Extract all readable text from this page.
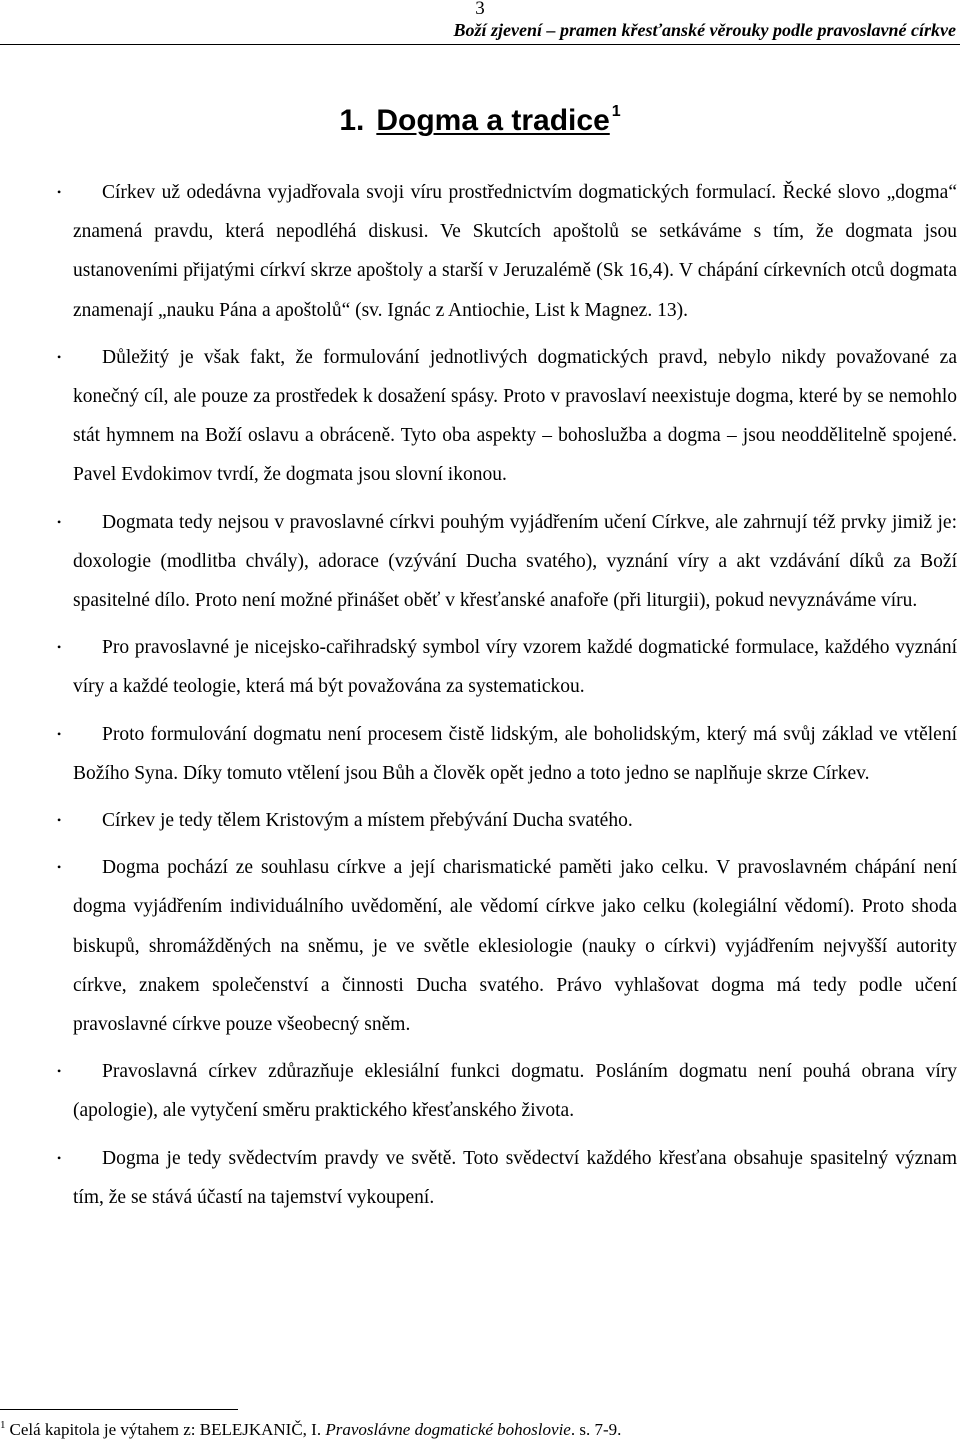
3
Boží zjevení – pramen křesťanské věrouky podle pravoslavné církve
1. Dogma a tradice $^1$
• Církev už odedávna vyjadřovala svoji víru prostřednictvím dogmatických formulací. Řecké slovo „dogma“ znamená pravdu, která nepodléhá diskusi. Ve Skutcích apoštolů se setkáváme s tím, že dogmata jsou ustanoveními přijatými církví skrze apoštoly a starší v Jeruzalémě (Sk 16,4). V chápání církevních otců dogmata znamenají „nauku Pána a apoštolů“ (sv. Ignác z Antiochie, List k Magnez. 13).
• Důležitý je však fakt, že formulování jednotlivých dogmatických pravd, nebylo nikdy považované za konečný cíl, ale pouze za prostředek k dosažení spásy. Proto v pravoslaví neexistuje dogma, které by se nemohlo stát hymnem na Boží oslavu a obráceně. Tyto oba aspekty – bohoslužba a dogma – jsou neoddělitelně spojené. Pavel Evdokimov tvrdí, že dogmata jsou slovní ikonou.
• Dogmata tedy nejsou v pravoslavné církvi pouhým vyjádřením učení Církve, ale zahrnují též prvky jimiž je: doxologie (modlitba chvály), adorace (vzývání Ducha svatého), vyznání víry a akt vzdávání díků za Boží spasitelné dílo. Proto není možné přinášet oběť v křesťanské anafoře (při liturgii), pokud nevyznáváme víru.
• Pro pravoslavné je nicejsko-cařihradský symbol víry vzorem každé dogmatické formulace, každého vyznání víry a každé teologie, která má být považována za systematickou.
• Proto formulování dogmatu není procesem čistě lidským, ale boholidským, který má svůj základ ve vtělení Božího Syna. Díky tomuto vtělení jsou Bůh a člověk opět jedno a toto jedno se naplňuje skrze Církev.
• Církev je tedy tělem Kristovým a místem přebývání Ducha svatého.
• Dogma pochází ze souhlasu církve a její charismatické paměti jako celku. V pravoslavném chápání není dogma vyjádřením individuálního uvědomění, ale vědomí církve jako celku (kolegiální vědomí). Proto shoda biskupů, shromážděných na sněmu, je ve světle eklesiologie (nauky o církvi) vyjádřením nejvyšší autority církve, znakem společenství a činnosti Ducha svatého. Právo vyhlašovat dogma má tedy podle učení pravoslavné církve pouze všeobecný sněm.
• Pravoslavná církev zdůrazňuje eklesiální funkci dogmatu. Posláním dogmatu není pouhá obrana víry (apologie), ale vytyčení směru praktického křesťanského života.
• Dogma je tedy svědectvím pravdy ve světě. Toto svědectví každého křesťana obsahuje spasitelný význam tím, že se stává účastí na tajemství vykoupení.
$^1$ Celá kapitola je výtahem z: BELEJKANIČ, I. Pravoslávne dogmatické bohoslovie. s. 7-9.
